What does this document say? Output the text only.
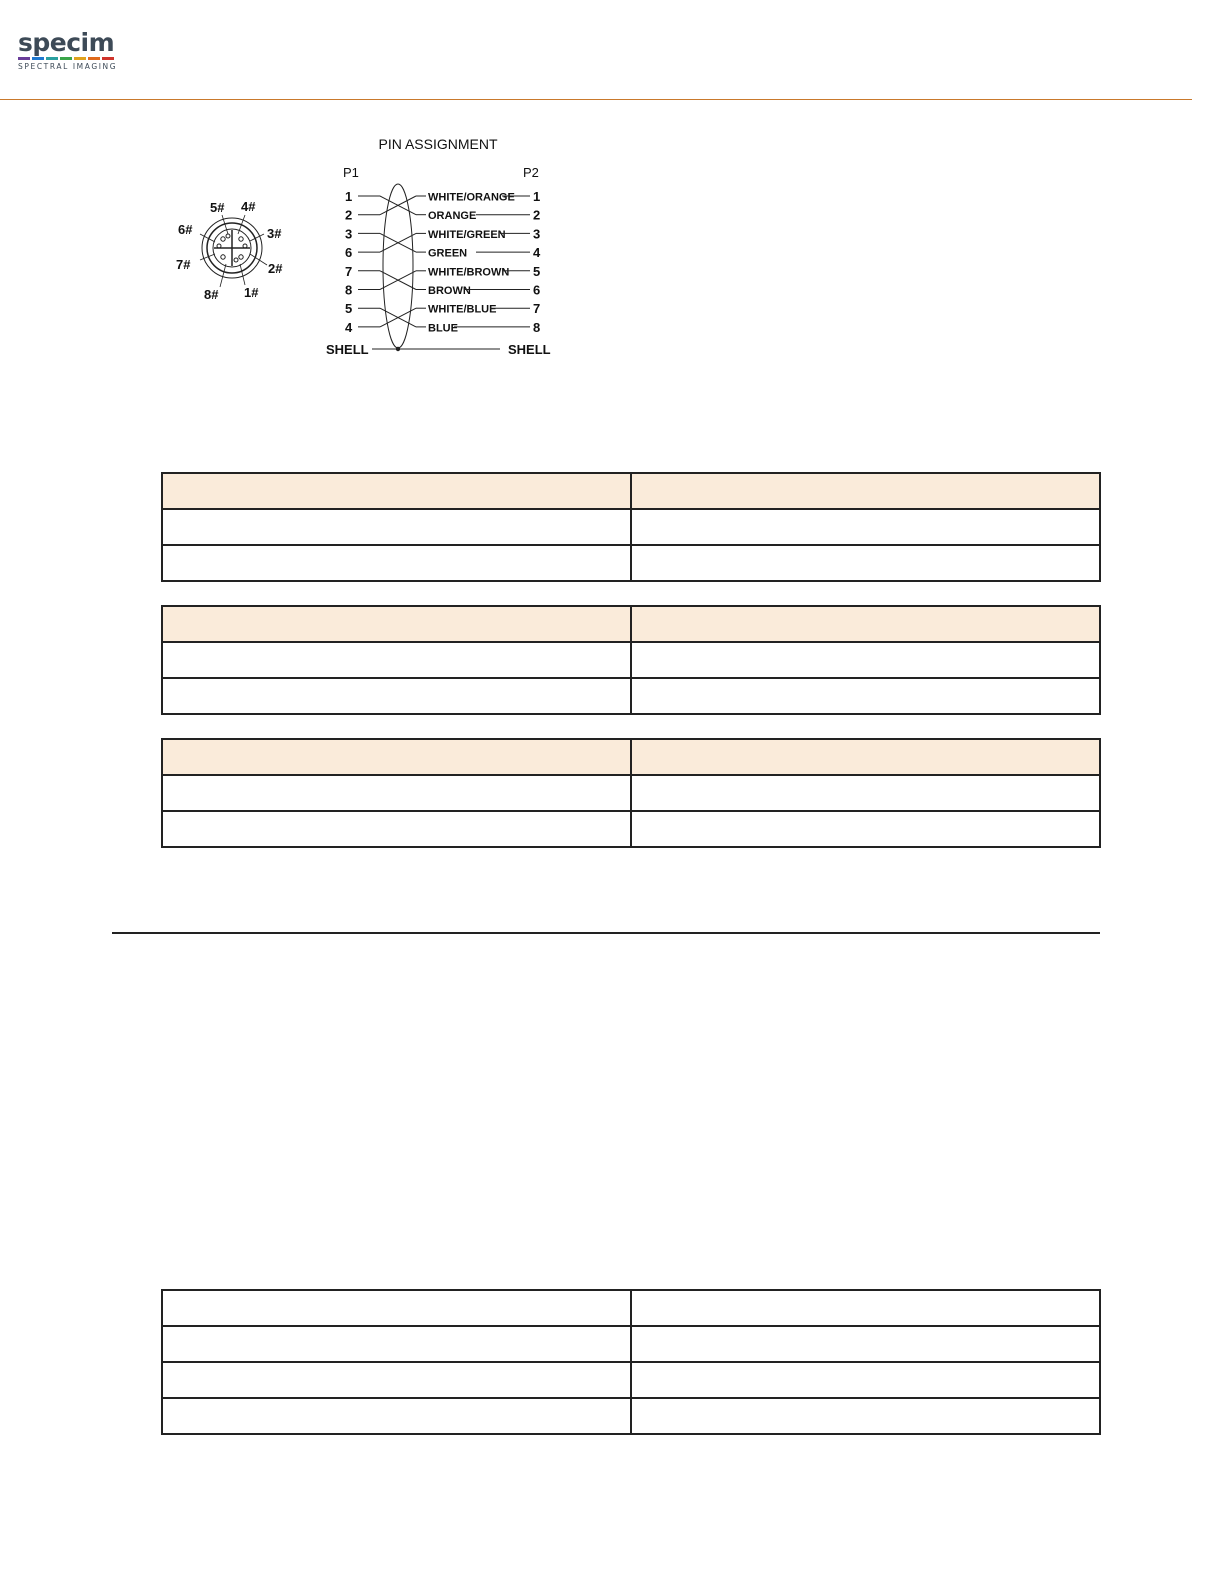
specim
SPECTRAL IMAGING
5# 4#
3#
6#
7#	2#
8# 1#
PIN ASSIGNMENT
P1	P2
1	WHITE/ORANGE 1
2	ORANGE	2
3	WHITE/GREEN 3
6	GREEN	4
7	WHITE/BROWN 5
8	BROWN	6
5	WHITE/BLUE	7
4	BLUE	8
SHELL	SHELL
